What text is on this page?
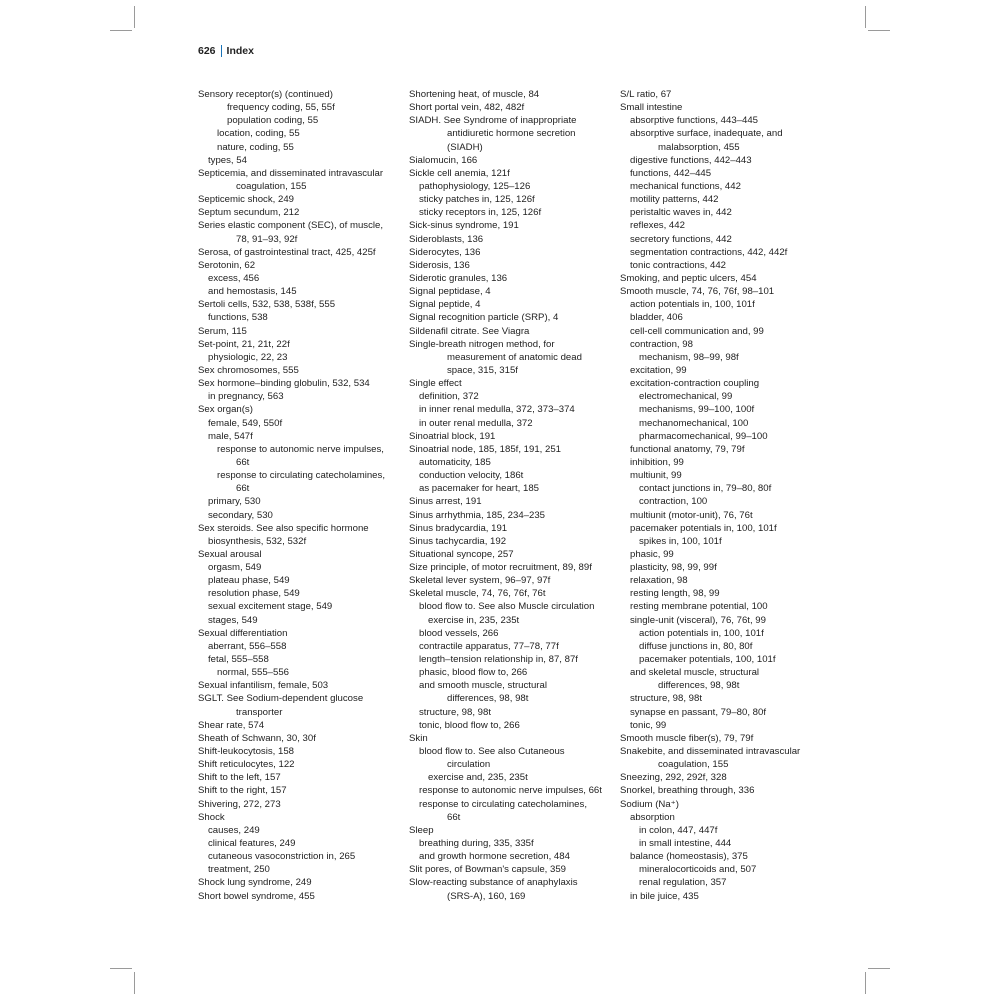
626 Index
Sensory receptor(s) (continued)
frequency coding, 55, 55f
population coding, 55
location, coding, 55
nature, coding, 55
types, 54
Septicemia, and disseminated intravascular
coagulation, 155
Septicemic shock, 249
Septum secundum, 212
Series elastic component (SEC), of muscle,
78, 91–93, 92f
Serosa, of gastrointestinal tract, 425, 425f
Serotonin, 62
excess, 456
and hemostasis, 145
Sertoli cells, 532, 538, 538f, 555
functions, 538
Serum, 115
Set-point, 21, 21t, 22f
physiologic, 22, 23
Sex chromosomes, 555
Sex hormone–binding globulin, 532, 534
in pregnancy, 563
Sex organ(s)
female, 549, 550f
male, 547f
response to autonomic nerve impulses,
66t
response to circulating catecholamines,
66t
primary, 530
secondary, 530
Sex steroids. See also specific hormone
biosynthesis, 532, 532f
Sexual arousal
orgasm, 549
plateau phase, 549
resolution phase, 549
sexual excitement stage, 549
stages, 549
Sexual differentiation
aberrant, 556–558
fetal, 555–558
normal, 555–556
Sexual infantilism, female, 503
SGLT. See Sodium-dependent glucose
transporter
Shear rate, 574
Sheath of Schwann, 30, 30f
Shift-leukocytosis, 158
Shift reticulocytes, 122
Shift to the left, 157
Shift to the right, 157
Shivering, 272, 273
Shock
causes, 249
clinical features, 249
cutaneous vasoconstriction in, 265
treatment, 250
Shock lung syndrome, 249
Short bowel syndrome, 455
Shortening heat, of muscle, 84
Short portal vein, 482, 482f
SIADH. See Syndrome of inappropriate
antidiuretic hormone secretion
(SIADH)
Sialomucin, 166
Sickle cell anemia, 121f
pathophysiology, 125–126
sticky patches in, 125, 126f
sticky receptors in, 125, 126f
Sick-sinus syndrome, 191
Sideroblasts, 136
Siderocytes, 136
Siderosis, 136
Siderotic granules, 136
Signal peptidase, 4
Signal peptide, 4
Signal recognition particle (SRP), 4
Sildenafil citrate. See Viagra
Single-breath nitrogen method, for
measurement of anatomic dead
space, 315, 315f
Single effect
definition, 372
in inner renal medulla, 372, 373–374
in outer renal medulla, 372
Sinoatrial block, 191
Sinoatrial node, 185, 185f, 191, 251
automaticity, 185
conduction velocity, 186t
as pacemaker for heart, 185
Sinus arrest, 191
Sinus arrhythmia, 185, 234–235
Sinus bradycardia, 191
Sinus tachycardia, 192
Situational syncope, 257
Size principle, of motor recruitment, 89, 89f
Skeletal lever system, 96–97, 97f
Skeletal muscle, 74, 76, 76f, 76t
blood flow to. See also Muscle circulation
exercise in, 235, 235t
blood vessels, 266
contractile apparatus, 77–78, 77f
length–tension relationship in, 87, 87f
phasic, blood flow to, 266
and smooth muscle, structural
differences, 98, 98t
structure, 98, 98t
tonic, blood flow to, 266
Skin
blood flow to. See also Cutaneous
circulation
exercise and, 235, 235t
response to autonomic nerve impulses, 66t
response to circulating catecholamines,
66t
Sleep
breathing during, 335, 335f
and growth hormone secretion, 484
Slit pores, of Bowman's capsule, 359
Slow-reacting substance of anaphylaxis
(SRS-A), 160, 169
S/L ratio, 67
Small intestine
absorptive functions, 443–445
absorptive surface, inadequate, and
malabsorption, 455
digestive functions, 442–443
functions, 442–445
mechanical functions, 442
motility patterns, 442
peristaltic waves in, 442
reflexes, 442
secretory functions, 442
segmentation contractions, 442, 442f
tonic contractions, 442
Smoking, and peptic ulcers, 454
Smooth muscle, 74, 76, 76f, 98–101
action potentials in, 100, 101f
bladder, 406
cell-cell communication and, 99
contraction, 98
mechanism, 98–99, 98f
excitation, 99
excitation-contraction coupling
electromechanical, 99
mechanisms, 99–100, 100f
mechanomechanical, 100
pharmacomechanical, 99–100
functional anatomy, 79, 79f
inhibition, 99
multiunit, 99
contact junctions in, 79–80, 80f
contraction, 100
multiunit (motor-unit), 76, 76t
pacemaker potentials in, 100, 101f
spikes in, 100, 101f
phasic, 99
plasticity, 98, 99, 99f
relaxation, 98
resting length, 98, 99
resting membrane potential, 100
single-unit (visceral), 76, 76t, 99
action potentials in, 100, 101f
diffuse junctions in, 80, 80f
pacemaker potentials, 100, 101f
and skeletal muscle, structural
differences, 98, 98t
structure, 98, 98t
synapse en passant, 79–80, 80f
tonic, 99
Smooth muscle fiber(s), 79, 79f
Snakebite, and disseminated intravascular
coagulation, 155
Sneezing, 292, 292f, 328
Snorkel, breathing through, 336
Sodium (Na⁺)
absorption
in colon, 447, 447f
in small intestine, 444
balance (homeostasis), 375
mineralocorticoids and, 507
renal regulation, 357
in bile juice, 435
